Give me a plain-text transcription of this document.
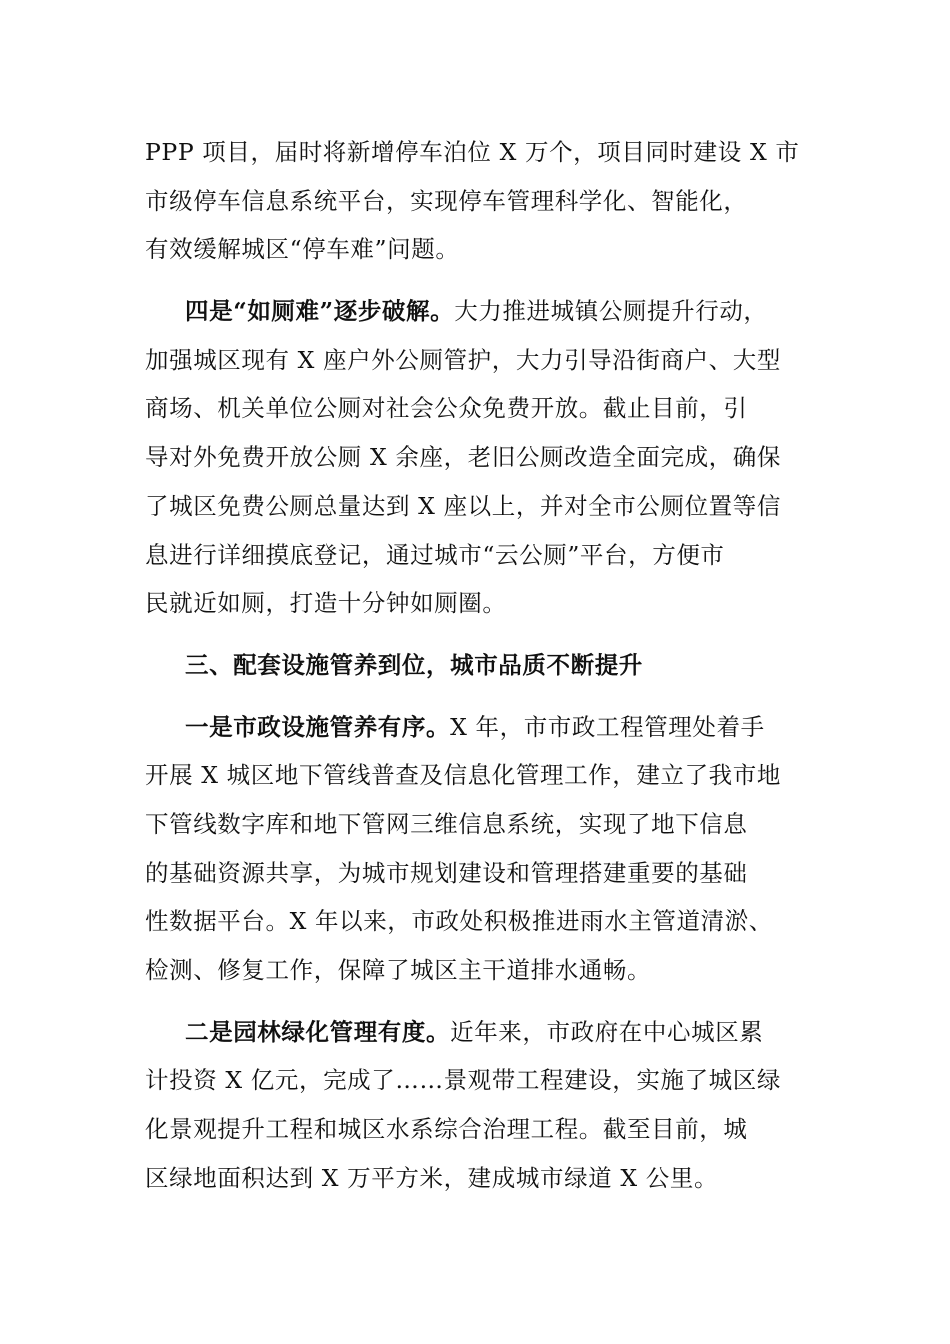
PPP 项目，届时将新增停车泊位 X 万个，项目同时建设 X 市
市级停车信息系统平台，实现停车管理科学化、智能化，
有效缓解城区“停车难”问题。
四是“如厕难”逐步破解。大力推进城镇公厕提升行动，
加强城区现有 X 座户外公厕管护，大力引导沿街商户、大型
商场、机关单位公厕对社会公众免费开放。截止目前，引
导对外免费开放公厕 X 余座，老旧公厕改造全面完成，确保
了城区免费公厕总量达到 X 座以上，并对全市公厕位置等信
息进行详细摸底登记，通过城市“云公厕”平台，方便市
民就近如厕，打造十分钟如厕圈。
三、配套设施管养到位，城市品质不断提升
一是市政设施管养有序。X 年，市市政工程管理处着手
开展 X 城区地下管线普查及信息化管理工作，建立了我市地
下管线数字库和地下管网三维信息系统，实现了地下信息
的基础资源共享，为城市规划建设和管理搭建重要的基础
性数据平台。X 年以来，市政处积极推进雨水主管道清淤、
检测、修复工作，保障了城区主干道排水通畅。
二是园林绿化管理有度。近年来，市政府在中心城区累
计投资 X 亿元，完成了……景观带工程建设，实施了城区绿
化景观提升工程和城区水系综合治理工程。截至目前，城
区绿地面积达到 X 万平方米，建成城市绿道 X 公里。
